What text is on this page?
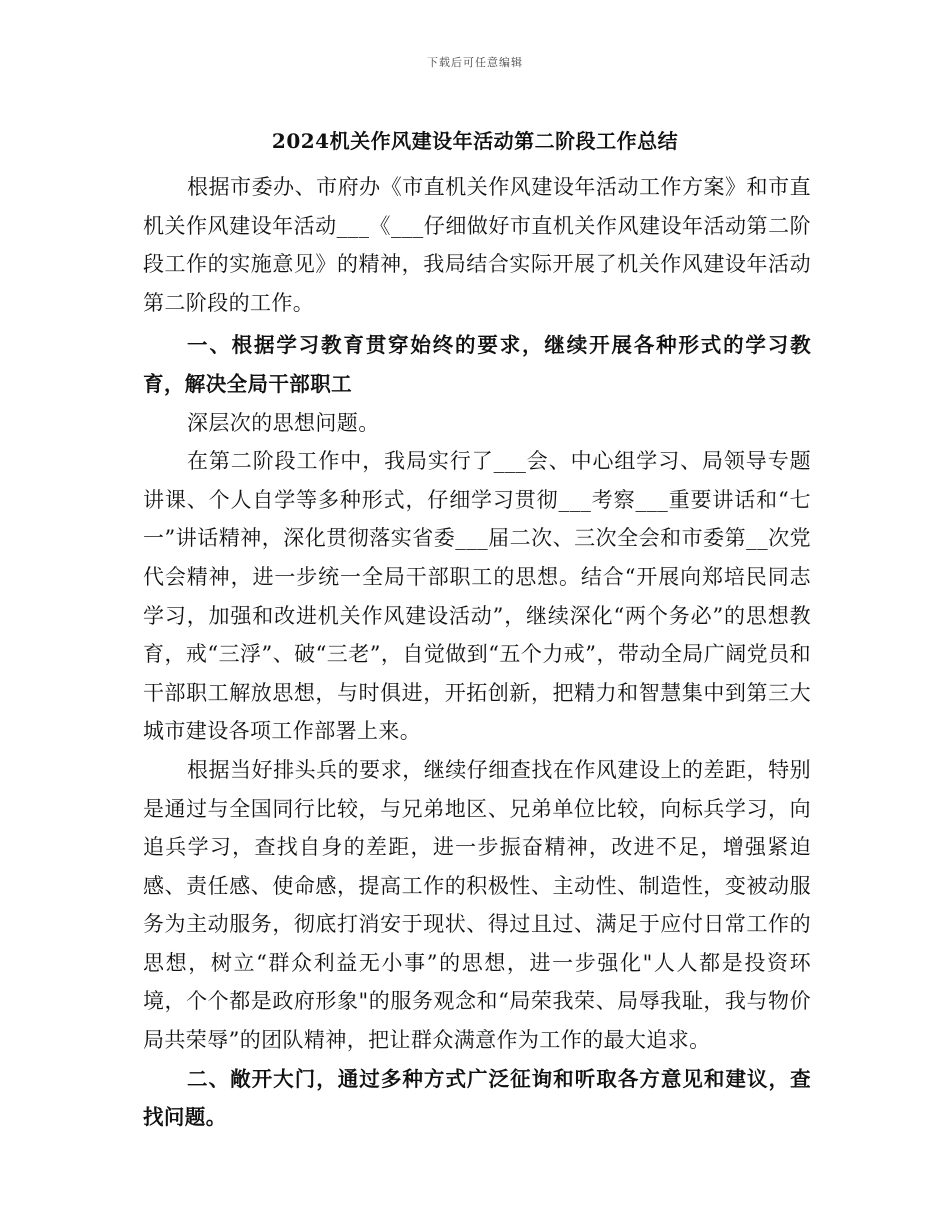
下载后可任意编辑
2024机关作风建设年活动第二阶段工作总结

根据市委办、市府办《市直机关作风建设年活动工作方案》和市直机关作风建设年活动___《___仔细做好市直机关作风建设年活动第二阶段工作的实施意见》的精神，我局结合实际开展了机关作风建设年活动第二阶段的工作。

一、根据学习教育贯穿始终的要求，继续开展各种形式的学习教育，解决全局干部职工

深层次的思想问题。

在第二阶段工作中，我局实行了___会、中心组学习、局领导专题讲课、个人自学等多种形式，仔细学习贯彻___考察___重要讲话和“七一”讲话精神，深化贯彻落实省委___届二次、三次全会和市委第__次党代会精神，进一步统一全局干部职工的思想。结合“开展向郑培民同志学习，加强和改进机关作风建设活动”，继续深化“两个务必”的思想教育，戒“三浮”、破“三老”，自觉做到“五个力戒”，带动全局广阔党员和干部职工解放思想，与时俱进，开拓创新，把精力和智慧集中到第三大城市建设各项工作部署上来。

根据当好排头兵的要求，继续仔细查找在作风建设上的差距，特别是通过与全国同行比较，与兄弟地区、兄弟单位比较，向标兵学习，向追兵学习，查找自身的差距，进一步振奋精神，改进不足，增强紧迫感、责任感、使命感，提高工作的积极性、主动性、制造性，变被动服务为主动服务，彻底打消安于现状、得过且过、满足于应付日常工作的思想，树立“群众利益无小事”的思想，进一步强化"人人都是投资环境，个个都是政府形象"的服务观念和“局荣我荣、局辱我耻，我与物价局共荣辱”的团队精神，把让群众满意作为工作的最大追求。

二、敞开大门，通过多种方式广泛征询和听取各方意见和建议，查找问题。
